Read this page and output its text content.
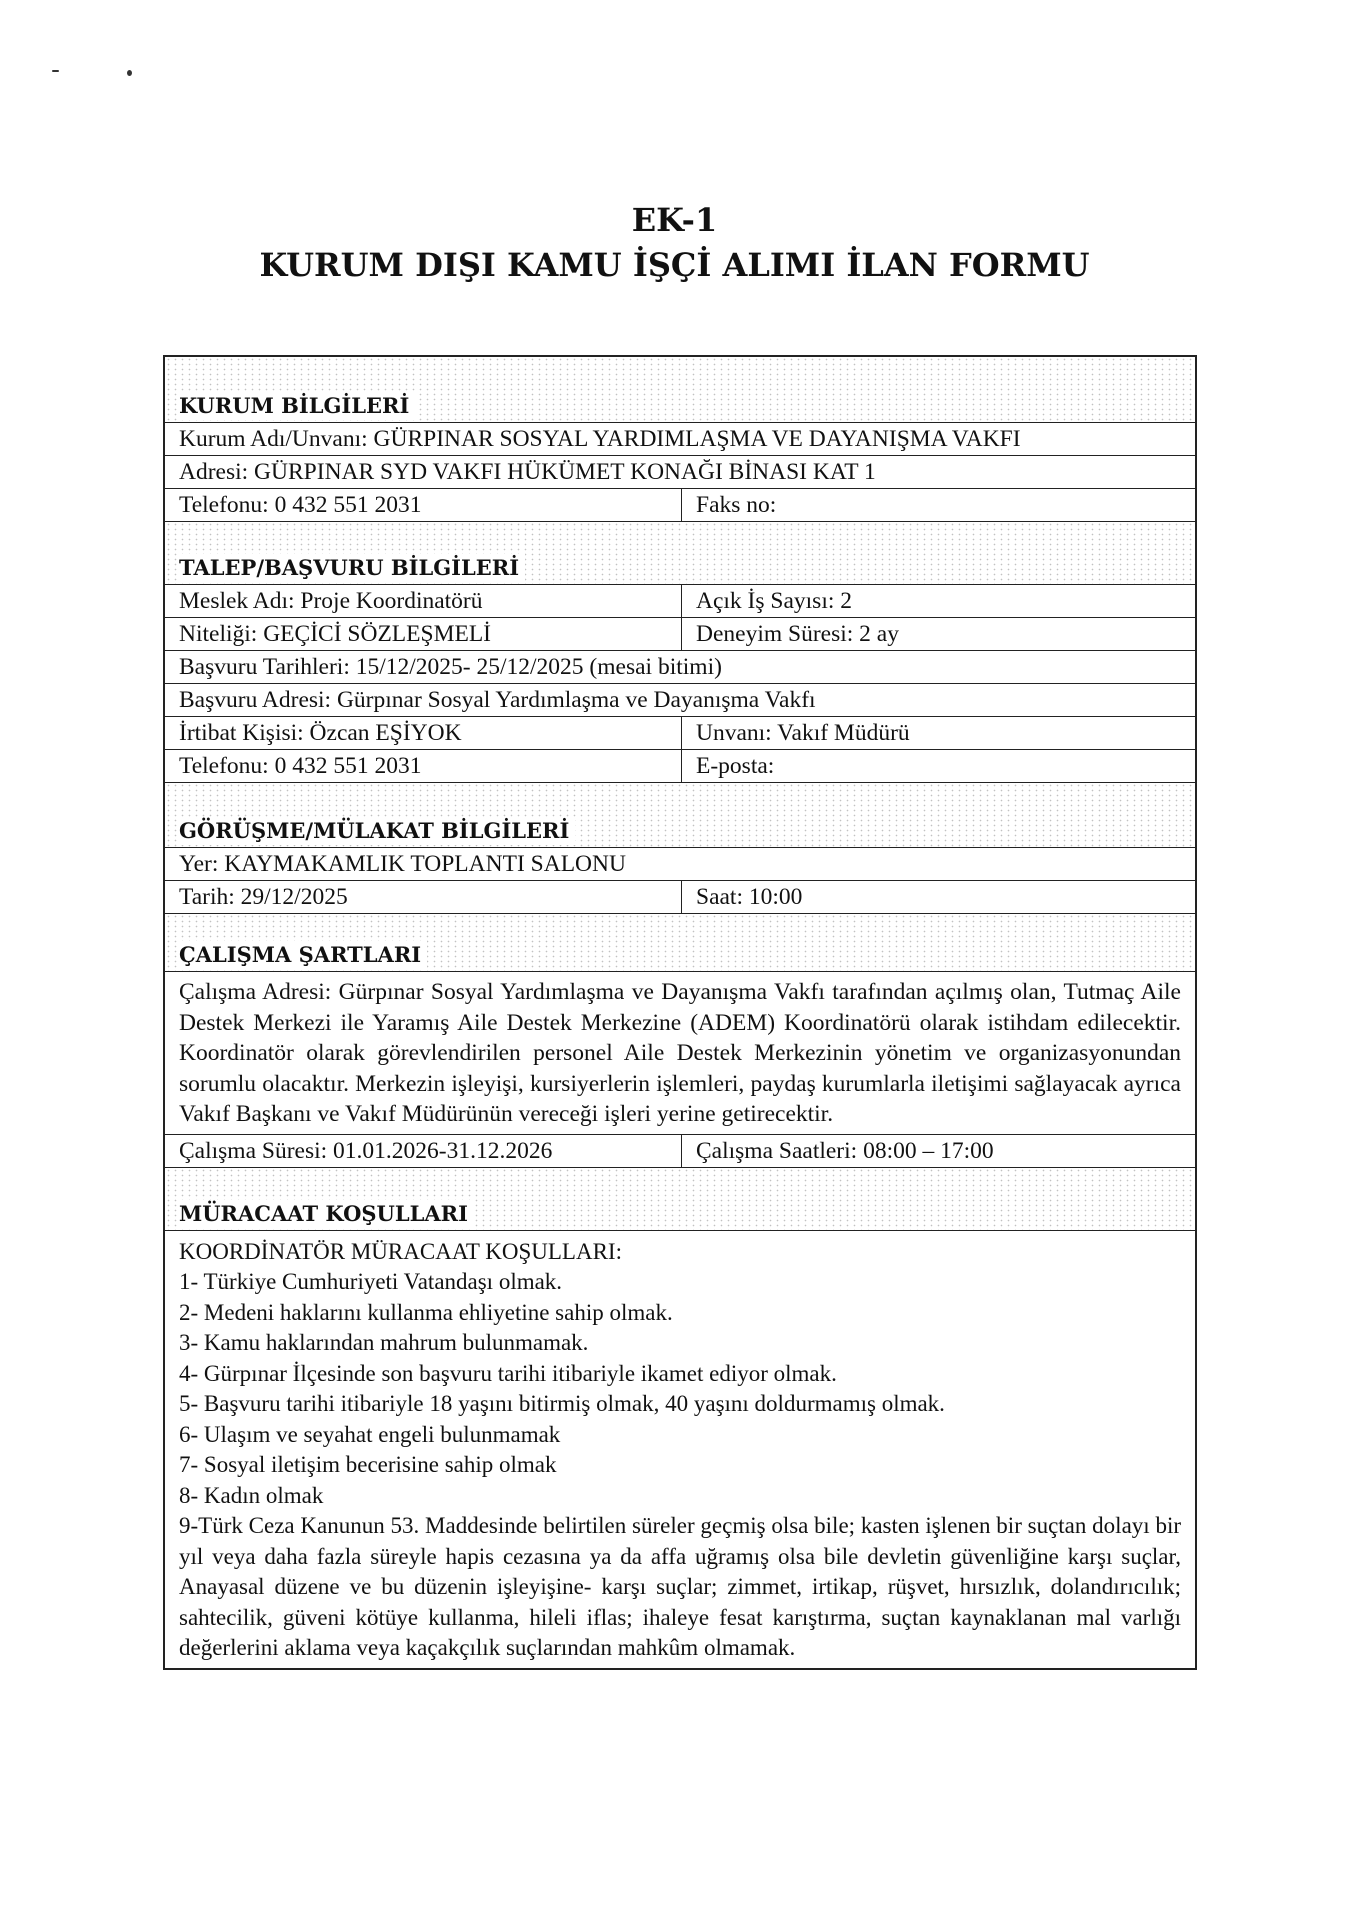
EK-1
KURUM DIŞI KAMU İŞÇİ ALIMI İLAN FORMU
KURUM BİLGİLERİ
Kurum Adı/Unvanı: GÜRPINAR SOSYAL YARDIMLAŞMA VE DAYANIŞMA VAKFI
Adresi: GÜRPINAR SYD VAKFI HÜKÜMET KONAĞI BİNASI KAT 1
Telefonu: 0 432 551 2031	Faks no:
TALEP/BAŞVURU BİLGİLERİ
Meslek Adı: Proje Koordinatörü	Açık İş Sayısı: 2
Niteliği: GEÇİCİ SÖZLEŞMELİ	Deneyim Süresi: 2 ay
Başvuru Tarihleri: 15/12/2025- 25/12/2025 (mesai bitimi)
Başvuru Adresi: Gürpınar Sosyal Yardımlaşma ve Dayanışma Vakfı
İrtibat Kişisi: Özcan EŞİYOK	Unvanı: Vakıf Müdürü
Telefonu: 0 432 551 2031	E-posta:
GÖRÜŞME/MÜLAKAT BİLGİLERİ
Yer: KAYMAKAMLIK TOPLANTI SALONU
Tarih: 29/12/2025	Saat: 10:00
ÇALIŞMA ŞARTLARI
Çalışma Adresi: Gürpınar Sosyal Yardımlaşma ve Dayanışma Vakfı tarafından açılmış olan, Tutmaç Aile Destek Merkezi ile Yaramış Aile Destek Merkezine (ADEM) Koordinatörü olarak istihdam edilecektir. Koordinatör olarak görevlendirilen personel Aile Destek Merkezinin yönetim ve organizasyonundan sorumlu olacaktır. Merkezin işleyişi, kursiyerlerin işlemleri, paydaş kurumlarla iletişimi sağlayacak ayrıca Vakıf Başkanı ve Vakıf Müdürünün vereceği işleri yerine getirecektir.
Çalışma Süresi: 01.01.2026-31.12.2026	Çalışma Saatleri: 08:00 – 17:00
MÜRACAAT KOŞULLARI
KOORDİNATÖR MÜRACAAT KOŞULLARI:
1- Türkiye Cumhuriyeti Vatandaşı olmak.
2- Medeni haklarını kullanma ehliyetine sahip olmak.
3- Kamu haklarından mahrum bulunmamak.
4- Gürpınar İlçesinde son başvuru tarihi itibariyle ikamet ediyor olmak.
5- Başvuru tarihi itibariyle 18 yaşını bitirmiş olmak, 40 yaşını doldurmamış olmak.
6- Ulaşım ve seyahat engeli bulunmamak
7- Sosyal iletişim becerisine sahip olmak
8- Kadın olmak
9-Türk Ceza Kanunun 53. Maddesinde belirtilen süreler geçmiş olsa bile; kasten işlenen bir suçtan dolayı bir yıl veya daha fazla süreyle hapis cezasına ya da affa uğramış olsa bile devletin güvenliğine karşı suçlar, Anayasal düzene ve bu düzenin işleyişine- karşı suçlar; zimmet, irtikap, rüşvet, hırsızlık, dolandırıcılık; sahtecilik, güveni kötüye kullanma, hileli iflas; ihaleye fesat karıştırma, suçtan kaynaklanan mal varlığı değerlerini aklama veya kaçakçılık suçlarından mahkûm olmamak.
